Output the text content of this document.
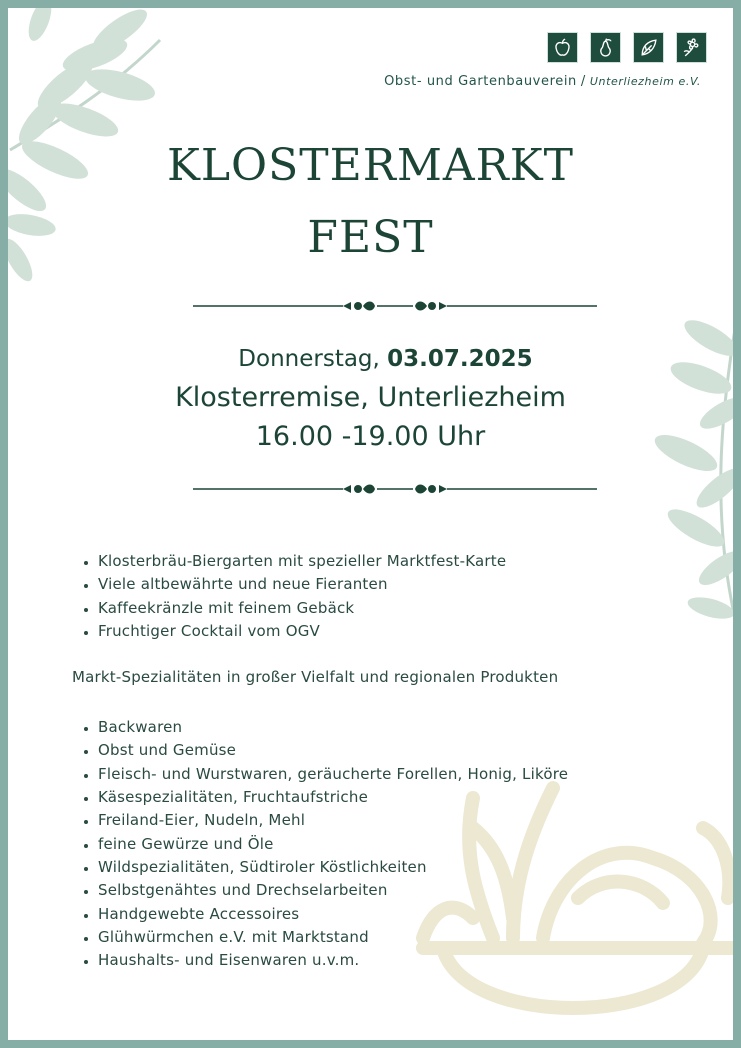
Obst- und Gartenbauverein / Unterliezheim e.V.
KLOSTERMARKT
FEST
Donnerstag, 03.07.2025
Klosterremise, Unterliezheim
16.00 -19.00 Uhr
• Klosterbräu-Biergarten mit spezieller Marktfest-Karte
• Viele altbewährte und neue Fieranten
• Kaffeekränzle mit feinem Gebäck
• Fruchtiger Cocktail vom OGV
Markt-Spezialitäten in großer Vielfalt und regionalen Produkten
• Backwaren
• Obst und Gemüse
• Fleisch- und Wurstwaren, geräucherte Forellen, Honig, Liköre
• Käsespezialitäten, Fruchtaufstriche
• Freiland-Eier, Nudeln, Mehl
• feine Gewürze und Öle
• Wildspezialitäten, Südtiroler Köstlichkeiten
• Selbstgenähtes und Drechselarbeiten
• Handgewebte Accessoires
• Glühwürmchen e.V. mit Marktstand
• Haushalts- und Eisenwaren u.v.m.
